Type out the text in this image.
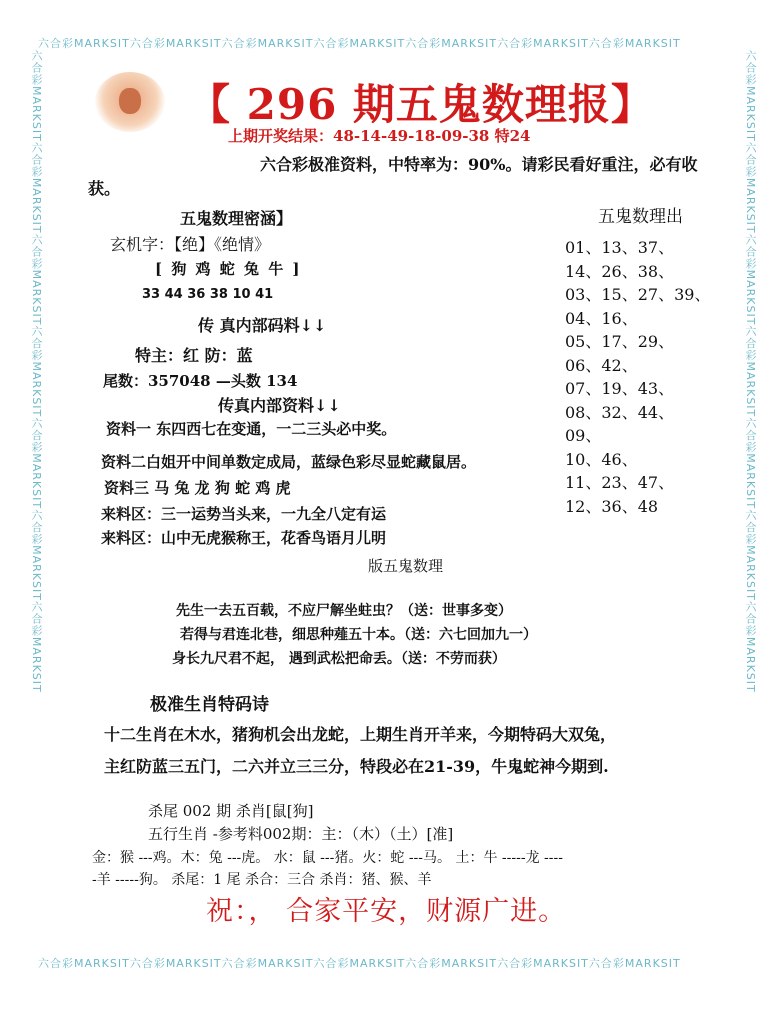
六合彩MARKSIT六合彩MARKSIT六合彩MARKSIT六合彩MARKSIT六合彩MARKSIT六合彩MARKSIT六合彩MARKSIT
六合彩MARKSIT六合彩MARKSIT六合彩MARKSIT六合彩MARKSIT六合彩MARKSIT六合彩MARKSIT六合彩MARKSIT
六合彩MARKSIT六合彩MARKSIT六合彩MARKSIT六合彩MARKSIT六合彩MARKSIT六合彩MARKSIT六合彩MARKSIT	六合彩MARKSIT六合彩MARKSIT六合彩MARKSIT六合彩MARKSIT六合彩MARKSIT六合彩MARKSIT六合彩MARKSIT
【 296 期五鬼数理报】
上期开奖结果：48-14-49-18-09-38 特24
六合彩极准资料，中特率为：90%。请彩民看好重注，必有收
获。
五鬼数理密涵】
玄机字：【绝】《绝情》
[ 狗 鸡 蛇 兔 牛 ]
33 44 36 38 10 41
传 真内部码料↓↓
特主：红 防：蓝
尾数：357048 —头数 134
传真内部资料↓↓
资料一 东四西七在变通，一二三头必中奖。
资料二白姐开中间单数定成局，蓝绿色彩尽显蛇藏鼠居。
资料三 马 兔 龙 狗 蛇 鸡 虎
来料区：三一运势当头来，一九全八定有运
来料区：山中无虎猴称王，花香鸟语月儿明
五鬼数理出
01、13、37、
14、26、38、
03、15、27、39、
04、16、
05、17、29、
06、42、
07、19、43、
08、32、44、
09、
10、46、
11、23、47、
12、36、48
版五鬼数理
先生一去五百载，不应尸解坐蛀虫？（送：世事多变）
若得与君连北巷，细思种薤五十本。（送：六七回加九一）
身长九尺君不起， 遇到武松把命丢。（送：不劳而获）
极准生肖特码诗
十二生肖在木水，猪狗机会出龙蛇，上期生肖开羊来，今期特码大双兔，
主红防蓝三五门，二六并立三三分，特段必在21-39，牛鬼蛇神今期到.
杀尾 002 期 杀肖[鼠[狗]
五行生肖 -参考料002期：主：（木）（土）[准]
金：猴 ---鸡。木：兔 ---虎。 水：鼠 ---猪。火：蛇 ---马。 土：牛 -----龙 ----
-羊 -----狗。 杀尾：1 尾 杀合：三合 杀肖：猪、猴、羊
祝：， 合家平安，财源广进。
